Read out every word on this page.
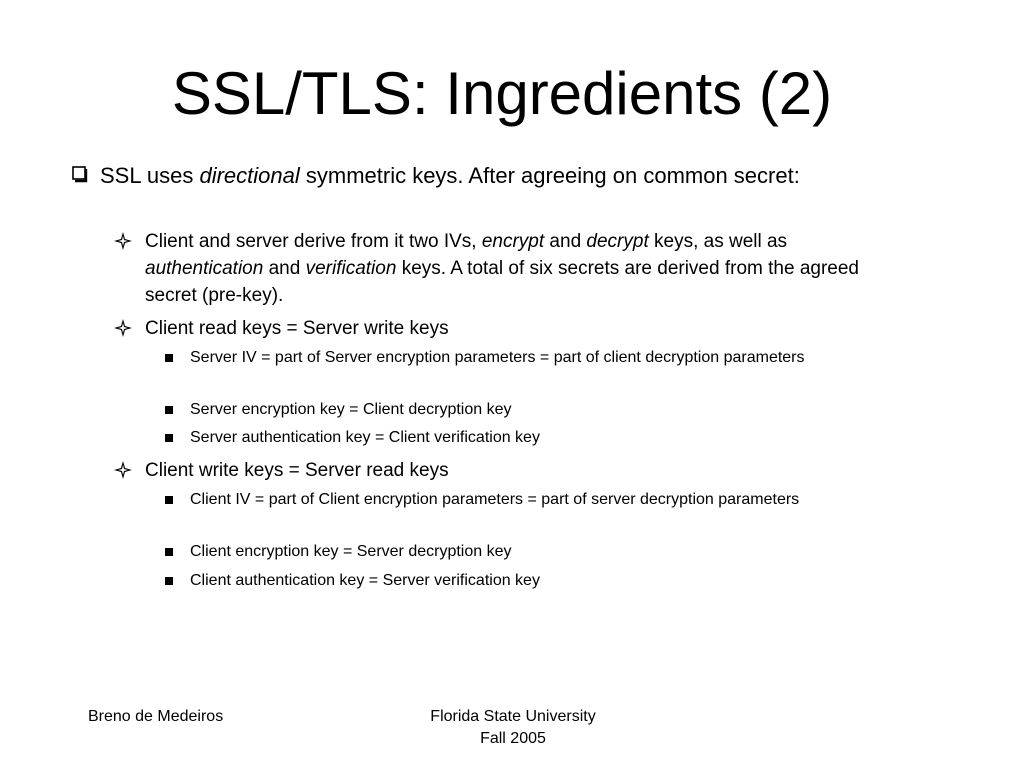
SSL/TLS: Ingredients (2)
SSL uses directional symmetric keys. After agreeing on common secret:
Client and server derive from it two IVs, encrypt and decrypt keys, as well as authentication and verification keys. A total of six secrets are derived from the agreed secret (pre-key).
Client read keys = Server write keys
Server IV = part of Server encryption parameters = part of client decryption parameters
Server encryption key = Client decryption key
Server authentication key = Client verification key
Client write keys = Server read keys
Client IV = part of Client encryption parameters = part of server decryption parameters
Client encryption key = Server decryption key
Client authentication key = Server verification key
Breno de Medeiros	Florida State University
Fall 2005
